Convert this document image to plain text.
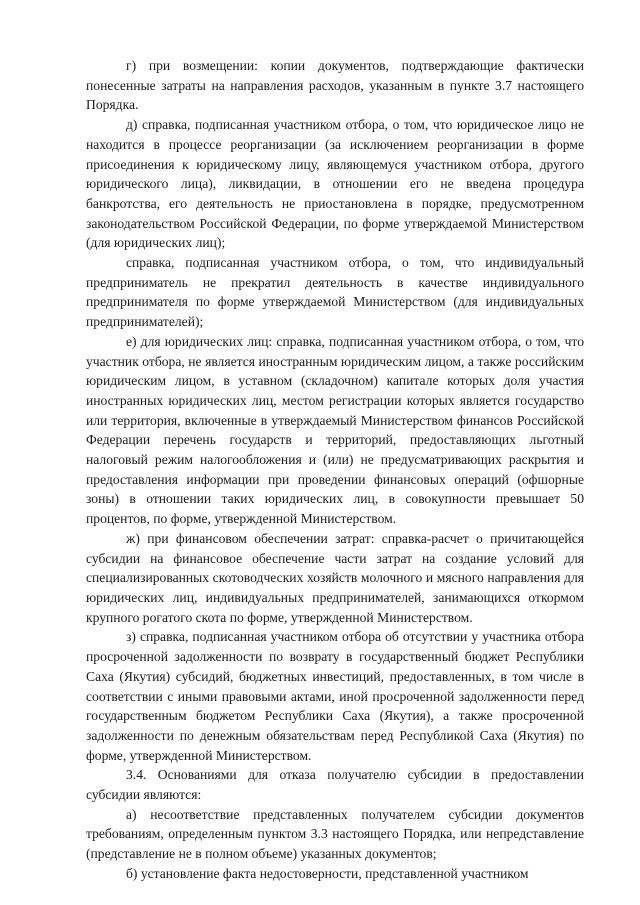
г) при возмещении: копии документов, подтверждающие фактически понесенные затраты на направления расходов, указанным в пункте 3.7 настоящего Порядка.

д) справка, подписанная участником отбора, о том, что юридическое лицо не находится в процессе реорганизации (за исключением реорганизации в форме присоединения к юридическому лицу, являющемуся участником отбора, другого юридического лица), ликвидации, в отношении его не введена процедура банкротства, его деятельность не приостановлена в порядке, предусмотренном законодательством Российской Федерации, по форме утверждаемой Министерством (для юридических лиц);

справка, подписанная участником отбора, о том, что индивидуальный предприниматель не прекратил деятельность в качестве индивидуального предпринимателя по форме утверждаемой Министерством (для индивидуальных предпринимателей);

е) для юридических лиц: справка, подписанная участником отбора, о том, что участник отбора, не является иностранным юридическим лицом, а также российским юридическим лицом, в уставном (складочном) капитале которых доля участия иностранных юридических лиц, местом регистрации которых является государство или территория, включенные в утверждаемый Министерством финансов Российской Федерации перечень государств и территорий, предоставляющих льготный налоговый режим налогообложения и (или) не предусматривающих раскрытия и предоставления информации при проведении финансовых операций (офшорные зоны) в отношении таких юридических лиц, в совокупности превышает 50 процентов, по форме, утвержденной Министерством.

ж) при финансовом обеспечении затрат: справка-расчет о причитающейся субсидии на финансовое обеспечение части затрат на создание условий для специализированных скотоводческих хозяйств молочного и мясного направления для юридических лиц, индивидуальных предпринимателей, занимающихся откормом крупного рогатого скота по форме, утвержденной Министерством.

з) справка, подписанная участником отбора об отсутствии у участника отбора просроченной задолженности по возврату в государственный бюджет Республики Саха (Якутия) субсидий, бюджетных инвестиций, предоставленных, в том числе в соответствии с иными правовыми актами, иной просроченной задолженности перед государственным бюджетом Республики Саха (Якутия), а также просроченной задолженности по денежным обязательствам перед Республикой Саха (Якутия) по форме, утвержденной Министерством.

3.4. Основаниями для отказа получателю субсидии в предоставлении субсидии являются:

а) несоответствие представленных получателем субсидии документов требованиям, определенным пунктом 3.3 настоящего Порядка, или непредставление (представление не в полном объеме) указанных документов;

б) установление факта недостоверности, представленной участником
